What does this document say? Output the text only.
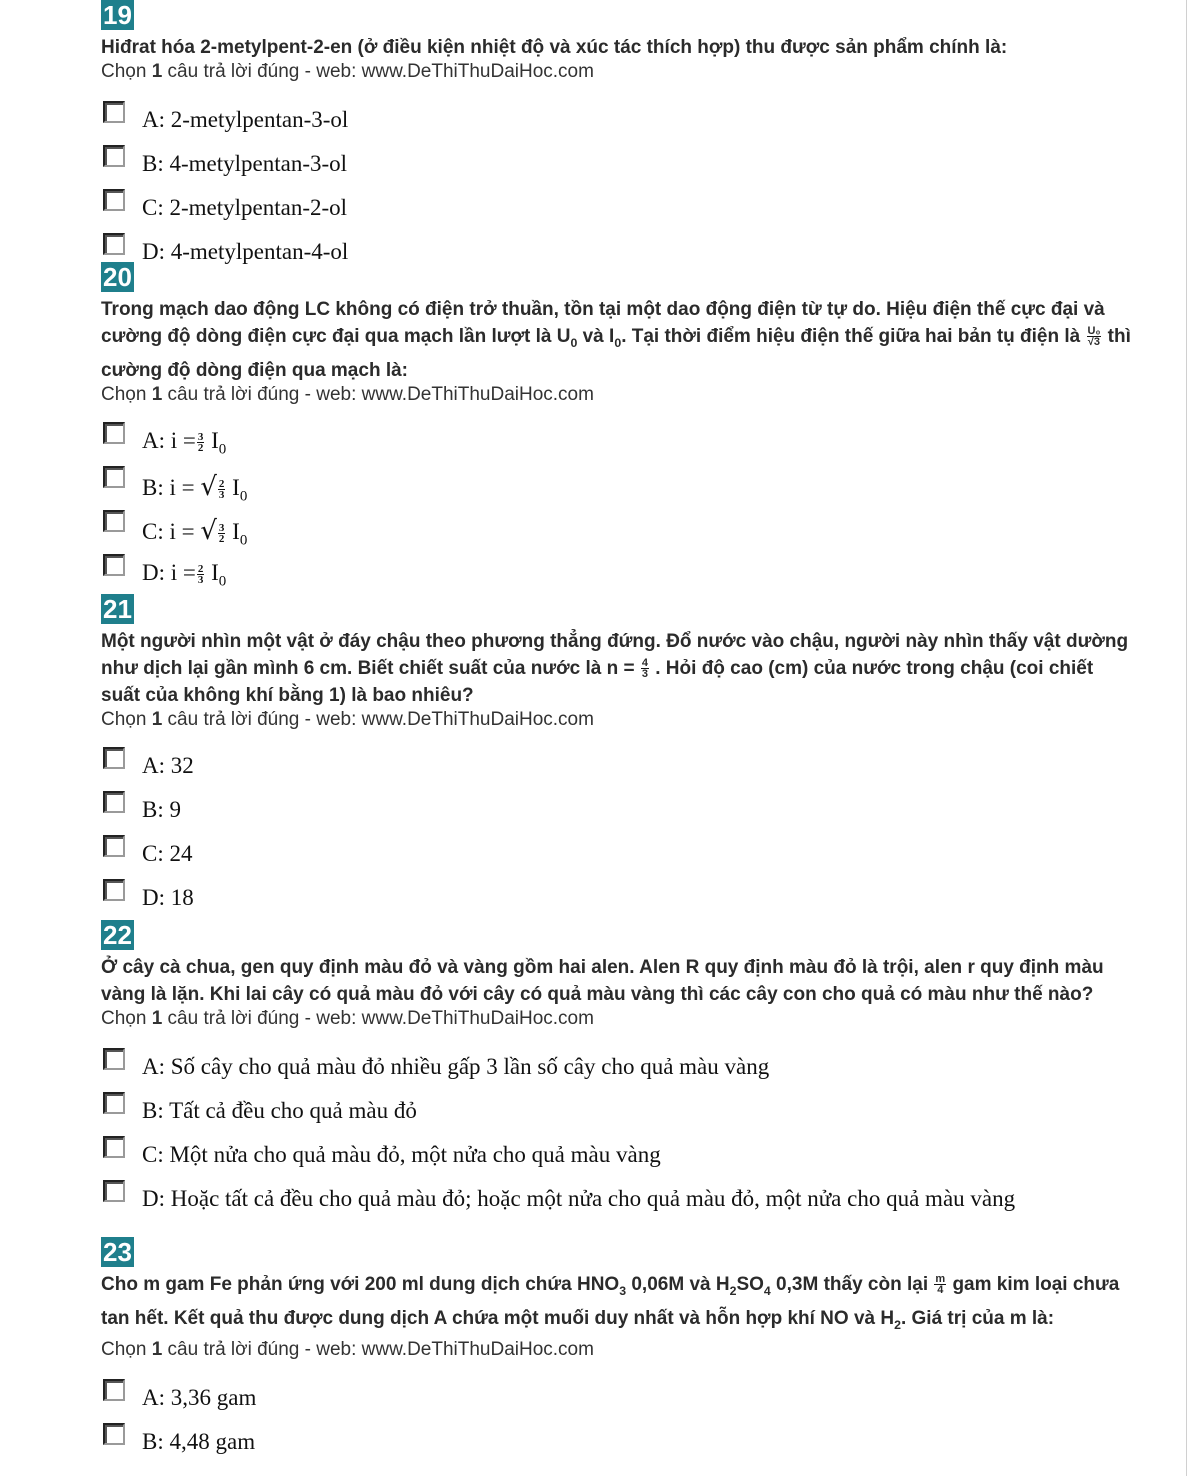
19
Hiđrat hóa 2-metylpent-2-en (ở điều kiện nhiệt độ và xúc tác thích hợp) thu được sản phẩm chính là:
Chọn 1 câu trả lời đúng - web: www.DeThiThuDaiHoc.com
A: 2-metylpentan-3-ol
B: 4-metylpentan-3-ol
C: 2-metylpentan-2-ol
D: 4-metylpentan-4-ol
20
Trong mạch dao động LC không có điện trở thuần, tồn tại một dao động điện từ tự do. Hiệu điện thế cực đại và cường độ dòng điện cực đại qua mạch lần lượt là $U_0$ và $I_0$. Tại thời điểm hiệu điện thế giữa hai bản tụ điện là $\frac{\text{U₀}}{√3}$ thì cường độ dòng điện qua mạch là:
Chọn 1 câu trả lời đúng - web: www.DeThiThuDaiHoc.com
A: $i = \frac{3}{2} I_0$
B: i = √ $\frac{2}{3} I_0$
C: i = √ $\frac{3}{2} I_0$
D: $i = \frac{2}{3} I_0$
21
Một người nhìn một vật ở đáy chậu theo phương thẳng đứng. Đổ nước vào chậu, người này nhìn thấy vật dường như dịch lại gần mình 6 cm. Biết chiết suất của nước là $n = \frac{4}{3}$ . Hỏi độ cao (cm) của nước trong chậu (coi chiết suất của không khí bằng 1) là bao nhiêu?
Chọn 1 câu trả lời đúng - web: www.DeThiThuDaiHoc.com
A: 32
B: 9
C: 24
D: 18
22
Ở cây cà chua, gen quy định màu đỏ và vàng gồm hai alen. Alen R quy định màu đỏ là trội, alen r quy định màu vàng là lặn. Khi lai cây có quả màu đỏ với cây có quả màu vàng thì các cây con cho quả có màu như thế nào?
Chọn 1 câu trả lời đúng - web: www.DeThiThuDaiHoc.com
A: Số cây cho quả màu đỏ nhiều gấp 3 lần số cây cho quả màu vàng
B: Tất cả đều cho quả màu đỏ
C: Một nửa cho quả màu đỏ, một nửa cho quả màu vàng
D: Hoặc tất cả đều cho quả màu đỏ; hoặc một nửa cho quả màu đỏ, một nửa cho quả màu vàng
23
Cho m gam Fe phản ứng với 200 ml dung dịch chứa $HNO_3$ 0,06M và $H_2SO_4$ 0,3M thấy còn lại $\frac{m}{4}$ gam kim loại chưa tan hết. Kết quả thu được dung dịch A chứa một muối duy nhất và hỗn hợp khí NO và $H_2$. Giá trị của m là:
Chọn 1 câu trả lời đúng - web: www.DeThiThuDaiHoc.com
A: 3,36 gam
B: 4,48 gam
